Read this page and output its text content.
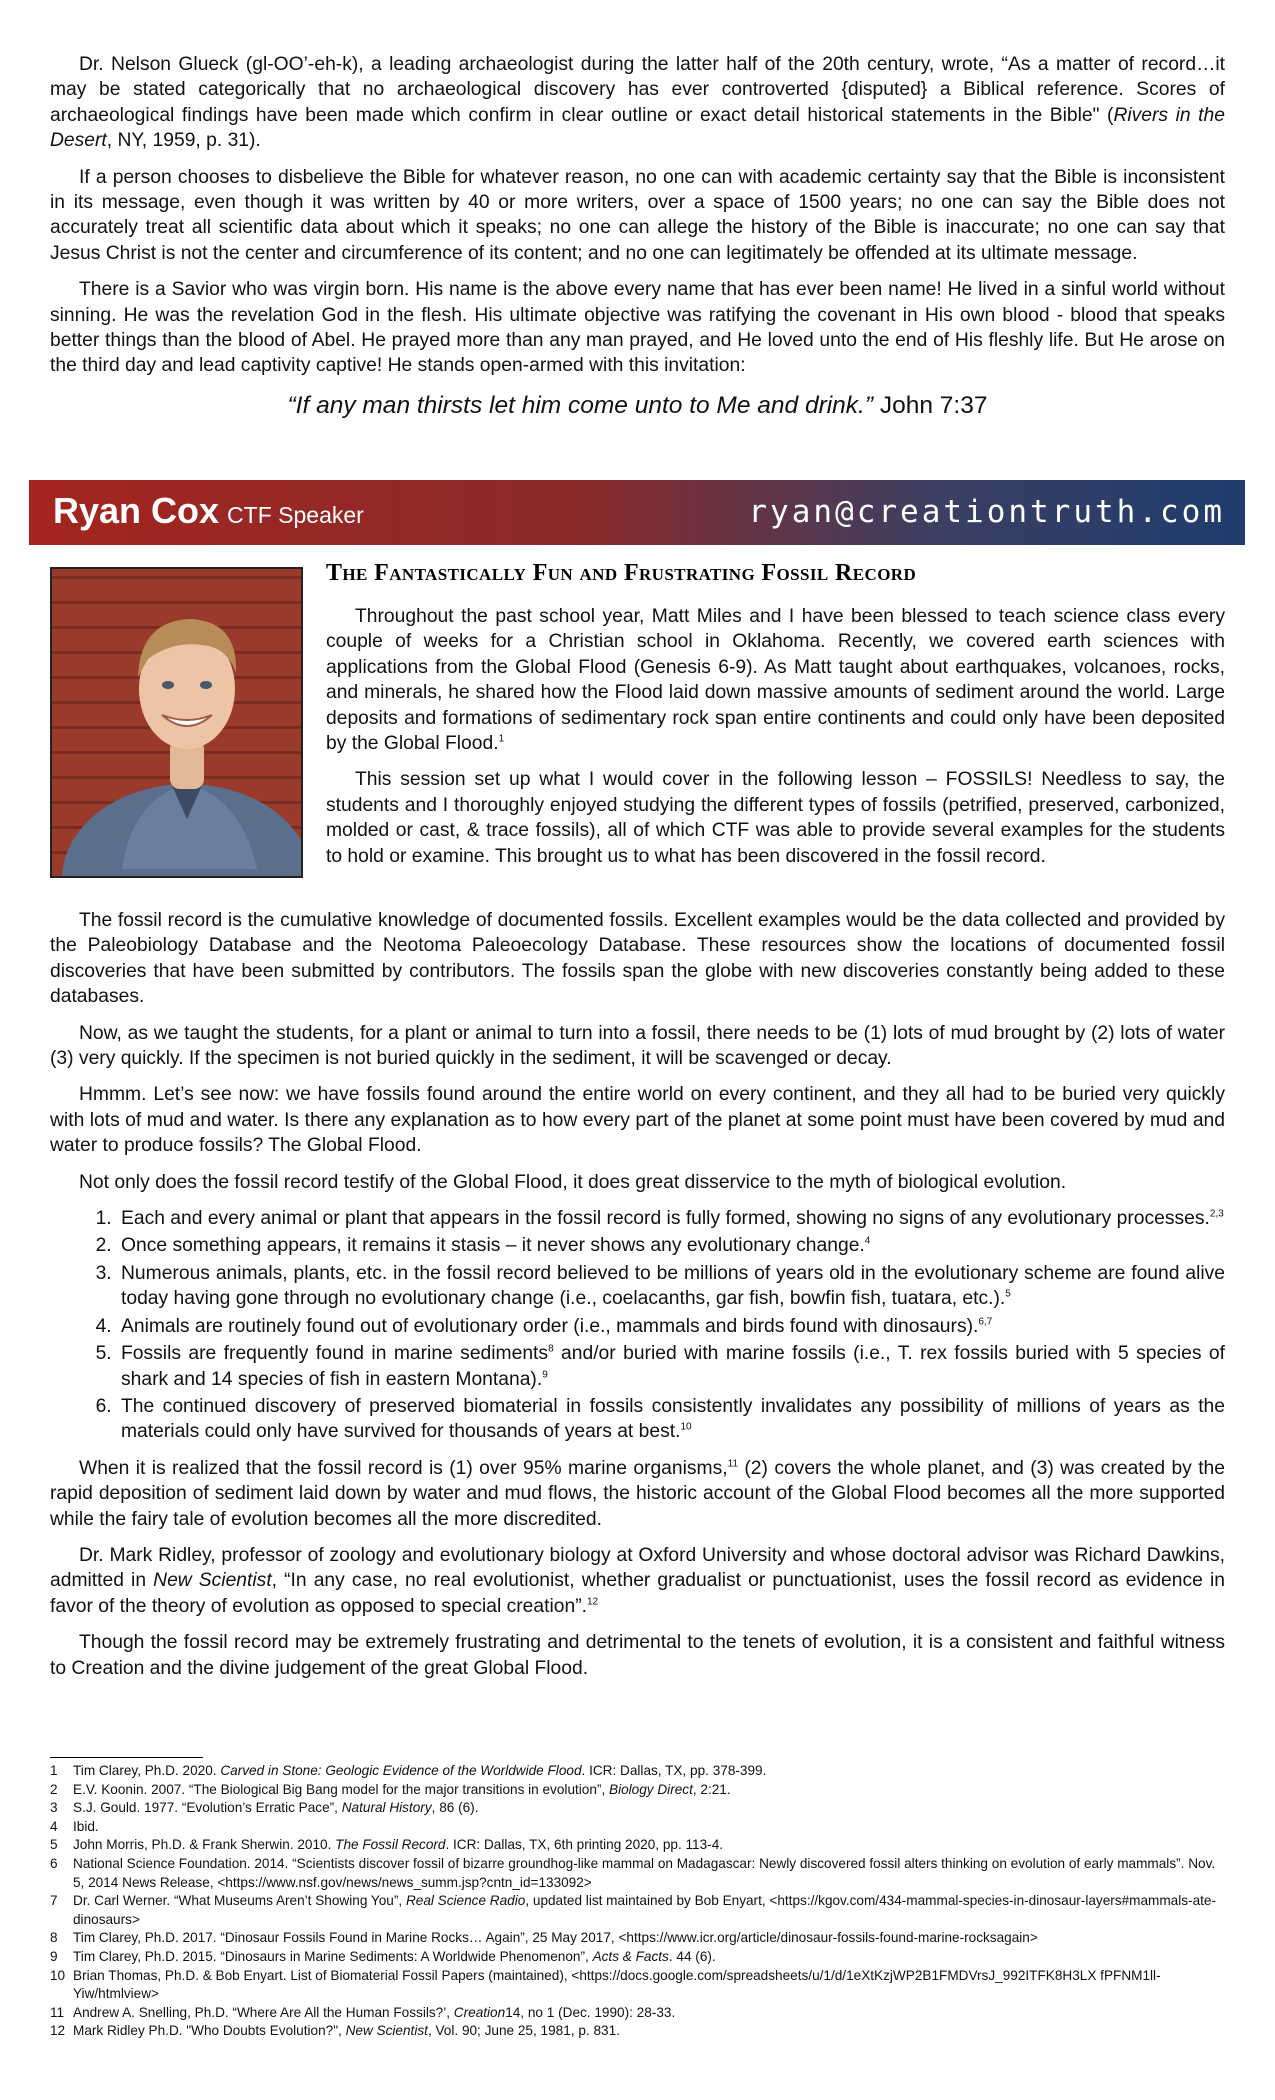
Dr. Nelson Glueck (gl-OO’-eh-k), a leading archaeologist during the latter half of the 20th century, wrote, “As a matter of record…it may be stated categorically that no archaeological discovery has ever controverted {disputed} a Biblical reference. Scores of archaeological findings have been made which confirm in clear outline or exact detail historical statements in the Bible" (Rivers in the Desert, NY, 1959, p. 31).

If a person chooses to disbelieve the Bible for whatever reason, no one can with academic certainty say that the Bible is inconsistent in its message, even though it was written by 40 or more writers, over a space of 1500 years; no one can say the Bible does not accurately treat all scientific data about which it speaks; no one can allege the history of the Bible is inaccurate; no one can say that Jesus Christ is not the center and circumference of its content; and no one can legitimately be offended at its ultimate message.

There is a Savior who was virgin born. His name is the above every name that has ever been name! He lived in a sinful world without sinning. He was the revelation God in the flesh. His ultimate objective was ratifying the covenant in His own blood - blood that speaks better things than the blood of Abel. He prayed more than any man prayed, and He loved unto the end of His fleshly life. But He arose on the third day and lead captivity captive! He stands open-armed with this invitation:

“If any man thirsts let him come unto to Me and drink.” John 7:37
Ryan Cox CTF Speaker	ryan@creationtruth.com
The Fantastically Fun and Frustrating Fossil Record

Throughout the past school year, Matt Miles and I have been blessed to teach science class every couple of weeks for a Christian school in Oklahoma. Recently, we covered earth sciences with applications from the Global Flood (Genesis 6-9). As Matt taught about earthquakes, volcanoes, rocks, and minerals, he shared how the Flood laid down massive amounts of sediment around the world. Large deposits and formations of sedimentary rock span entire continents and could only have been deposited by the Global Flood.$^1$

This session set up what I would cover in the following lesson – FOSSILS! Needless to say, the students and I thoroughly enjoyed studying the different types of fossils (petrified, preserved, carbonized, molded or cast, & trace fossils), all of which CTF was able to provide several examples for the students to hold or examine. This brought us to what has been discovered in the fossil record.

The fossil record is the cumulative knowledge of documented fossils. Excellent examples would be the data collected and provided by the Paleobiology Database and the Neotoma Paleoecology Database. These resources show the locations of documented fossil discoveries that have been submitted by contributors. The fossils span the globe with new discoveries constantly being added to these databases.

Now, as we taught the students, for a plant or animal to turn into a fossil, there needs to be (1) lots of mud brought by (2) lots of water (3) very quickly. If the specimen is not buried quickly in the sediment, it will be scavenged or decay.

Hmmm. Let’s see now: we have fossils found around the entire world on every continent, and they all had to be buried very quickly with lots of mud and water. Is there any explanation as to how every part of the planet at some point must have been covered by mud and water to produce fossils? The Global Flood.

Not only does the fossil record testify of the Global Flood, it does great disservice to the myth of biological evolution.

1. Each and every animal or plant that appears in the fossil record is fully formed, showing no signs of any evolutionary processes.$^{2,3}$
2. Once something appears, it remains it stasis – it never shows any evolutionary change.$^4$
3. Numerous animals, plants, etc. in the fossil record believed to be millions of years old in the evolutionary scheme are found alive today having gone through no evolutionary change (i.e., coelacanths, gar fish, bowfin fish, tuatara, etc.).$^5$
4. Animals are routinely found out of evolutionary order (i.e., mammals and birds found with dinosaurs).$^{6,7}$
5. Fossils are frequently found in marine sediments$^8$ and/or buried with marine fossils (i.e., T. rex fossils buried with 5 species of shark and 14 species of fish in eastern Montana).$^9$
6. The continued discovery of preserved biomaterial in fossils consistently invalidates any possibility of millions of years as the materials could only have survived for thousands of years at best.$^{10}$

When it is realized that the fossil record is (1) over 95% marine organisms,$^{11}$ (2) covers the whole planet, and (3) was created by the rapid deposition of sediment laid down by water and mud flows, the historic account of the Global Flood becomes all the more supported while the fairy tale of evolution becomes all the more discredited.

Dr. Mark Ridley, professor of zoology and evolutionary biology at Oxford University and whose doctoral advisor was Richard Dawkins, admitted in New Scientist, “In any case, no real evolutionist, whether gradualist or punctuationist, uses the fossil record as evidence in favor of the theory of evolution as opposed to special creation”.$^{12}$

Though the fossil record may be extremely frustrating and detrimental to the tenets of evolution, it is a consistent and faithful witness to Creation and the divine judgement of the great Global Flood.

1	Tim Clarey, Ph.D. 2020. Carved in Stone: Geologic Evidence of the Worldwide Flood. ICR: Dallas, TX, pp. 378-399.
2	E.V. Koonin. 2007. “The Biological Big Bang model for the major transitions in evolution”, Biology Direct, 2:21.
3	S.J. Gould. 1977. “Evolution’s Erratic Pace”, Natural History, 86 (6).
4	Ibid.
5	John Morris, Ph.D. & Frank Sherwin. 2010. The Fossil Record. ICR: Dallas, TX, 6th printing 2020, pp. 113-4.
6	National Science Foundation. 2014. “Scientists discover fossil of bizarre groundhog-like mammal on Madagascar: Newly discovered fossil alters thinking on evolution of early mammals”. Nov. 5, 2014 News Release, <https://www.nsf.gov/news/news_summ.jsp?cntn_id=133092>
7	Dr. Carl Werner. “What Museums Aren’t Showing You”, Real Science Radio, updated list maintained by Bob Enyart, <https://kgov.com/434-mammal-species-in-dinosaur-layers#mammals-ate-dinosaurs>
8	Tim Clarey, Ph.D. 2017. “Dinosaur Fossils Found in Marine Rocks… Again”, 25 May 2017, <https://www.icr.org/article/dinosaur-fossils-found-marine-rocksagain>
9	Tim Clarey, Ph.D. 2015. “Dinosaurs in Marine Sediments: A Worldwide Phenomenon”, Acts & Facts. 44 (6).
10 Brian Thomas, Ph.D. & Bob Enyart. List of Biomaterial Fossil Papers (maintained), <https://docs.google.com/spreadsheets/u/1/d/1eXtKzjWP2B1FMDVrsJ_992ITFK8H3LX fPFNM1ll-Yiw/htmlview>
11 Andrew A. Snelling, Ph.D. “Where Are All the Human Fossils?’, Creation14, no 1 (Dec. 1990): 28-33.
12 Mark Ridley Ph.D. "Who Doubts Evolution?", New Scientist, Vol. 90; June 25, 1981, p. 831.
